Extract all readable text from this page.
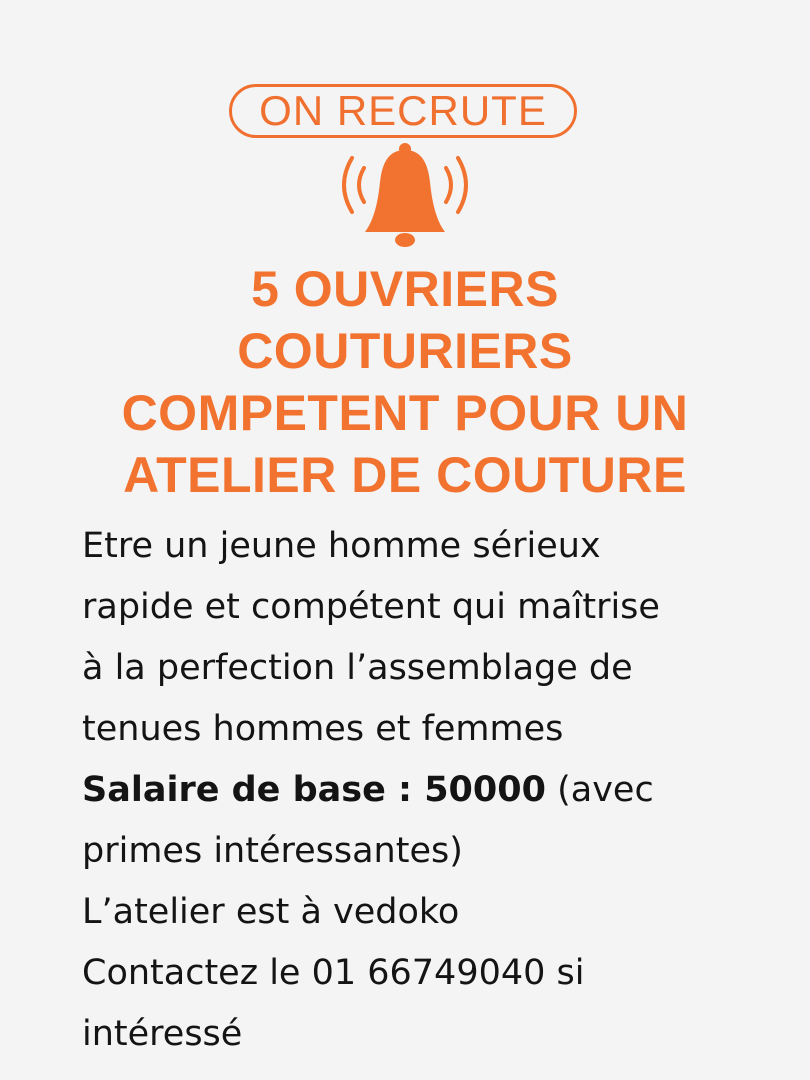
ON RECRUTE
5 OUVRIERS
COUTURIERS
COMPETENT POUR UN
ATELIER DE COUTURE
Etre un jeune homme sérieux
rapide et compétent qui maîtrise
à la perfection l’assemblage de
tenues hommes et femmes
Salaire de base : 50000 (avec
primes intéressantes)
L’atelier est à vedoko
Contactez le 01 66749040 si
intéressé
